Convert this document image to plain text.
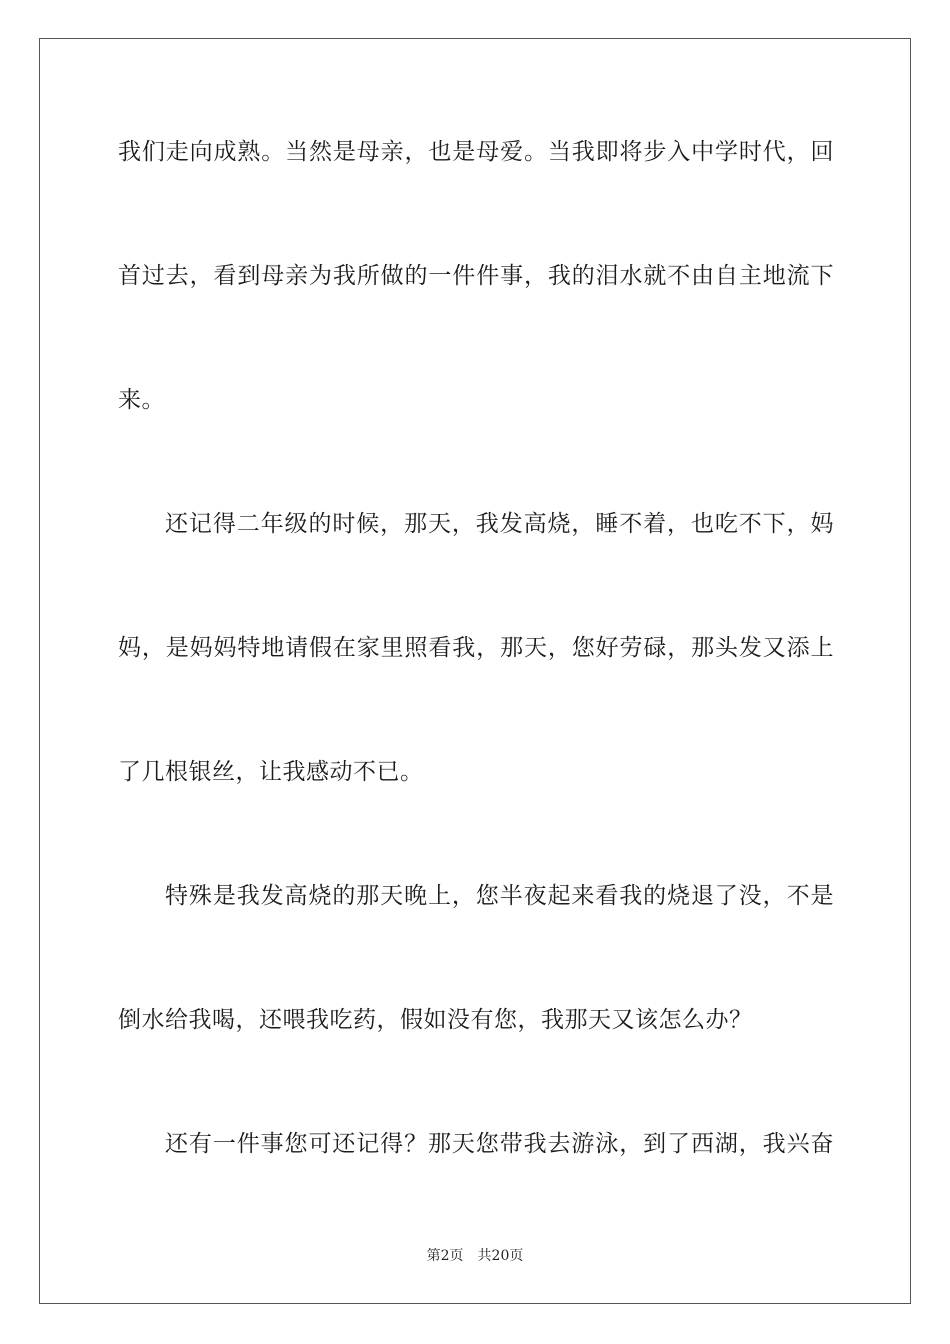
我们走向成熟。当然是母亲，也是母爱。当我即将步入中学时代，回
首过去，看到母亲为我所做的一件件事，我的泪水就不由自主地流下
来。
还记得二年级的时候，那天，我发高烧，睡不着，也吃不下，妈
妈，是妈妈特地请假在家里照看我，那天，您好劳碌，那头发又添上
了几根银丝，让我感动不已。
特殊是我发高烧的那天晚上，您半夜起来看我的烧退了没，不是
倒水给我喝，还喂我吃药，假如没有您，我那天又该怎么办？
还有一件事您可还记得？那天您带我去游泳，到了西湖，我兴奋
第2页 共20页
